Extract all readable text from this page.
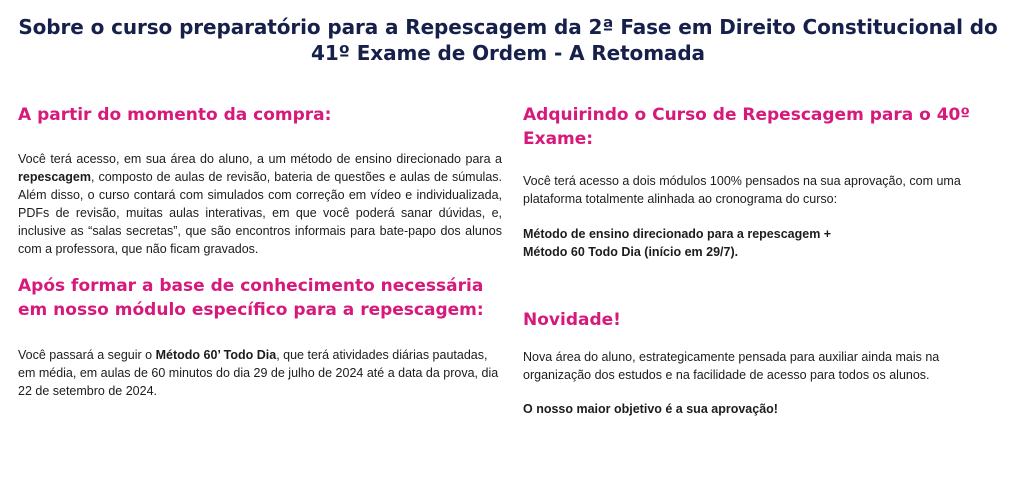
Sobre o curso preparatório para a Repescagem da 2ª Fase em Direito Constitucional do 41º Exame de Ordem - A Retomada
A partir do momento da compra:

Você terá acesso, em sua área do aluno, a um método de ensino direcionado para a repescagem, composto de aulas de revisão, bateria de questões e aulas de súmulas. Além disso, o curso contará com simulados com correção em vídeo e individualizada, PDFs de revisão, muitas aulas interativas, em que você poderá sanar dúvidas, e, inclusive as “salas secretas”, que são encontros informais para bate-papo dos alunos com a professora, que não ficam gravados.

Após formar a base de conhecimento necessária em nosso módulo específico para a repescagem:

Você passará a seguir o Método 60’ Todo Dia, que terá atividades diárias pautadas, em média, em aulas de 60 minutos do dia 29 de julho de 2024 até a data da prova, dia 22 de setembro de 2024.

Adquirindo o Curso de Repescagem para o 40º Exame:

Você terá acesso a dois módulos 100% pensados na sua aprovação, com uma plataforma totalmente alinhada ao cronograma do curso:

Método de ensino direcionado para a repescagem +

Método 60 Todo Dia (início em 29/7).

Novidade!

Nova área do aluno, estrategicamente pensada para auxiliar ainda mais na organização dos estudos e na facilidade de acesso para todos os alunos.

O nosso maior objetivo é a sua aprovação!
